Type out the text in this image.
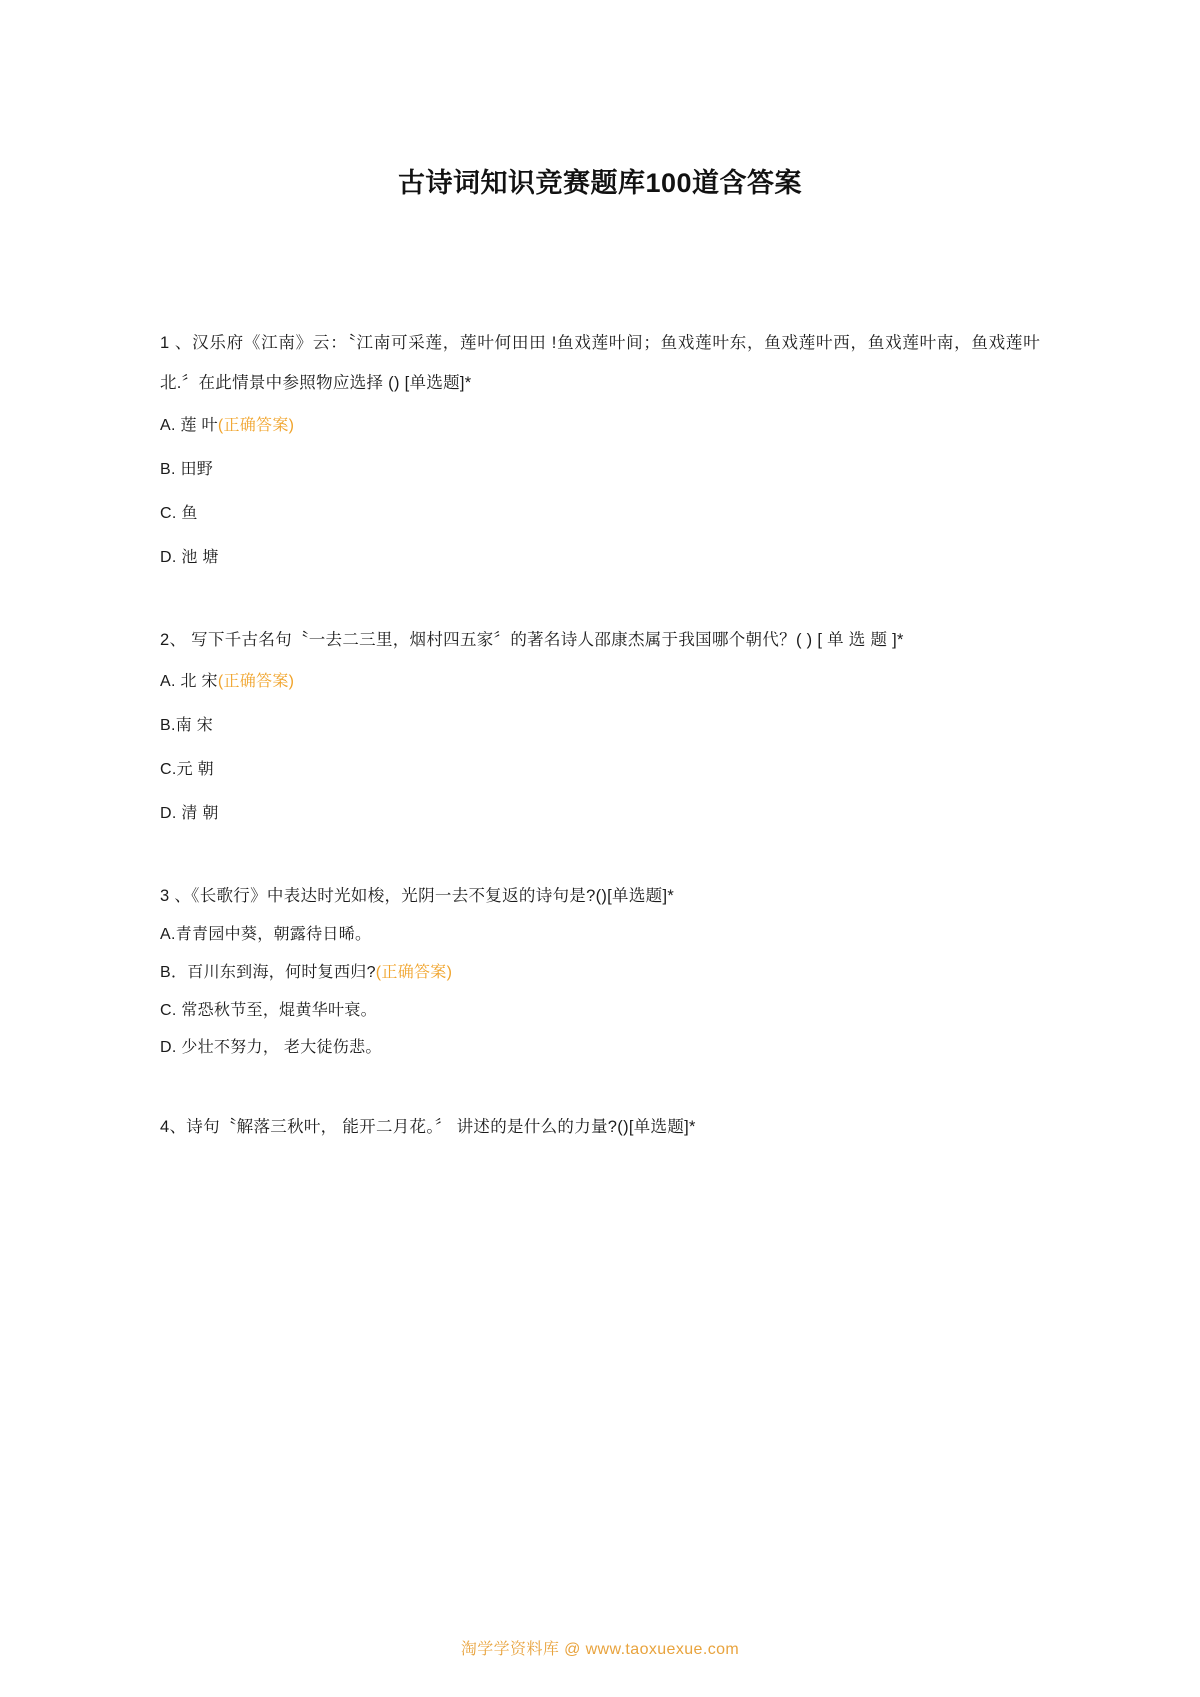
古诗词知识竞赛题库100道含答案
1 、汉乐府《江南》云：〝江南可采莲，莲叶何田田 !鱼戏莲叶间；鱼戏莲叶东，鱼戏莲叶西，鱼戏莲叶南，鱼戏莲叶北.〞在此情景中参照物应选择 () [单选题]*
A. 莲 叶(正确答案)
B. 田野
C. 鱼
D. 池 塘
2、 写下千古名句〝一去二三里，烟村四五家〞的著名诗人邵康杰属于我国哪个朝代？( ) [ 单 选 题 ]*
A. 北 宋(正确答案)
B.南 宋
C.元 朝
D. 清 朝
3 、《长歌行》中表达时光如梭，光阴一去不复返的诗句是?()[单选题]*
A.青青园中葵，朝露待日晞。
B．百川东到海，何时复西归?(正确答案)
C. 常恐秋节至，焜黄华叶衰。
D. 少壮不努力， 老大徒伤悲。
4、诗句〝解落三秋叶， 能开二月花。〞 讲述的是什么的力量?()[单选题]*
淘学学资料库 @ www.taoxuexue.com
